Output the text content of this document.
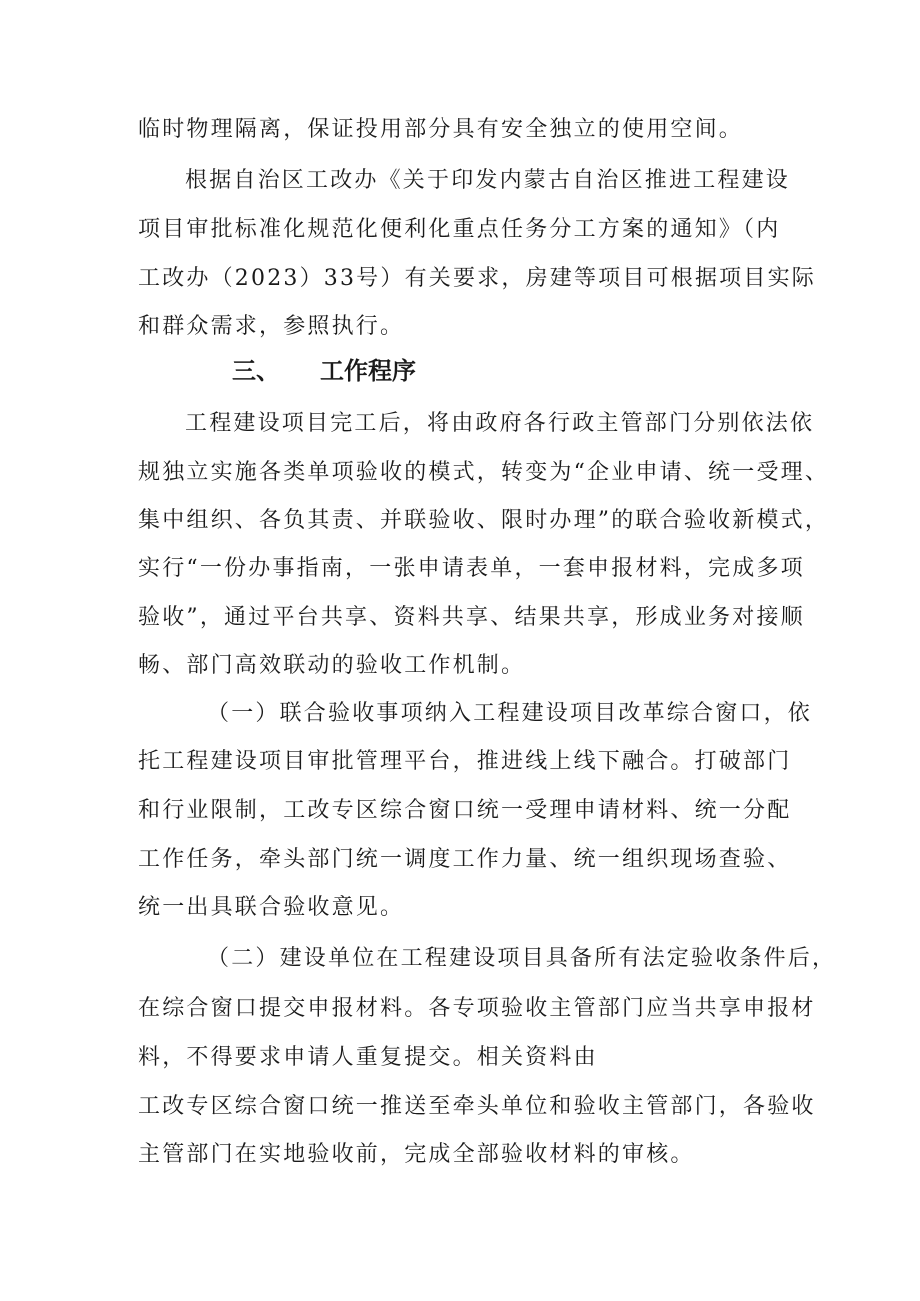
临时物理隔离，保证投用部分具有安全独立的使用空间。
根据自治区工改办《关于印发内蒙古自治区推进工程建设
项目审批标准化规范化便利化重点任务分工方案的通知》（内
工改办（2023）33号）有关要求，房建等项目可根据项目实际
和群众需求，参照执行。
三、 工作程序
工程建设项目完工后，将由政府各行政主管部门分别依法依
规独立实施各类单项验收的模式，转变为“企业申请、统一受理、
集中组织、各负其责、并联验收、限时办理”的联合验收新模式，
实行“一份办事指南，一张申请表单，一套申报材料，完成多项
验收”，通过平台共享、资料共享、结果共享，形成业务对接顺
畅、部门高效联动的验收工作机制。
（一）联合验收事项纳入工程建设项目改革综合窗口，依
托工程建设项目审批管理平台，推进线上线下融合。打破部门
和行业限制，工改专区综合窗口统一受理申请材料、统一分配
工作任务，牵头部门统一调度工作力量、统一组织现场查验、
统一出具联合验收意见。
（二）建设单位在工程建设项目具备所有法定验收条件后，
在综合窗口提交申报材料。各专项验收主管部门应当共享申报材
料，不得要求申请人重复提交。相关资料由
工改专区综合窗口统一推送至牵头单位和验收主管部门，各验收
主管部门在实地验收前，完成全部验收材料的审核。
